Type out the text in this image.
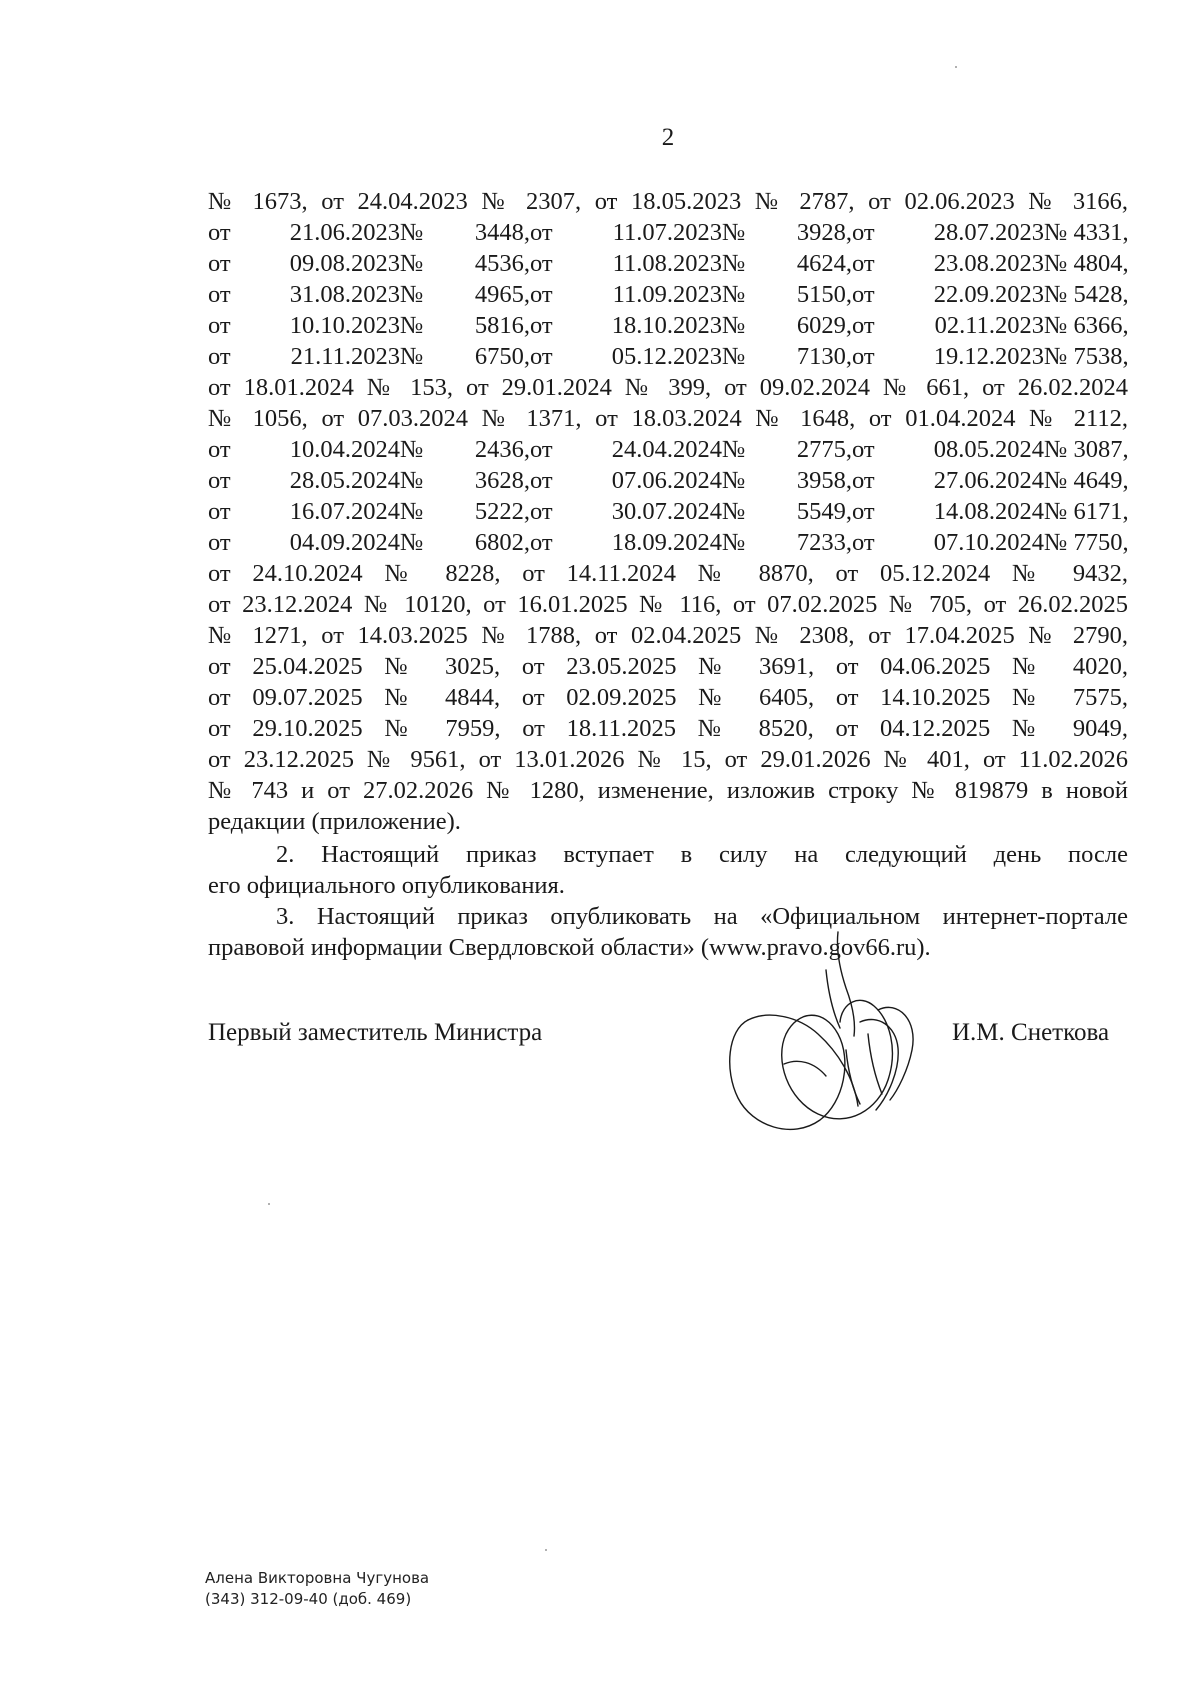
2
№ 1673, от 24.04.2023 № 2307, от 18.05.2023 № 2787, от 02.06.2023 № 3166,
от 21.06.2023 № 3448, от 11.07.2023 № 3928, от 28.07.2023 № 4331,
от 09.08.2023 № 4536, от 11.08.2023 № 4624, от 23.08.2023 № 4804,
от 31.08.2023 № 4965, от 11.09.2023 № 5150, от 22.09.2023 № 5428,
от 10.10.2023 № 5816, от 18.10.2023 № 6029, от 02.11.2023 № 6366,
от 21.11.2023 № 6750, от 05.12.2023 № 7130, от 19.12.2023 № 7538,
от 18.01.2024 № 153, от 29.01.2024 № 399, от 09.02.2024 № 661, от 26.02.2024
№ 1056, от 07.03.2024 № 1371, от 18.03.2024 № 1648, от 01.04.2024 № 2112,
от 10.04.2024 № 2436, от 24.04.2024 № 2775, от 08.05.2024 № 3087,
от 28.05.2024 № 3628, от 07.06.2024 № 3958, от 27.06.2024 № 4649,
от 16.07.2024 № 5222, от 30.07.2024 № 5549, от 14.08.2024 № 6171,
от 04.09.2024 № 6802, от 18.09.2024 № 7233, от 07.10.2024 № 7750,
от 24.10.2024 № 8228, от 14.11.2024 № 8870, от 05.12.2024 № 9432,
от 23.12.2024 № 10120, от 16.01.2025 № 116, от 07.02.2025 № 705, от 26.02.2025
№ 1271, от 14.03.2025 № 1788, от 02.04.2025 № 2308, от 17.04.2025 № 2790,
от 25.04.2025 № 3025, от 23.05.2025 № 3691, от 04.06.2025 № 4020,
от 09.07.2025 № 4844, от 02.09.2025 № 6405, от 14.10.2025 № 7575,
от 29.10.2025 № 7959, от 18.11.2025 № 8520, от 04.12.2025 № 9049,
от 23.12.2025 № 9561, от 13.01.2026 № 15, от 29.01.2026 № 401, от 11.02.2026
№ 743 и от 27.02.2026 № 1280, изменение, изложив строку № 819879 в новой
редакции (приложение).
2. Настоящий приказ вступает в силу на следующий день после
его официального опубликования.
3. Настоящий приказ опубликовать на «Официальном интернет-портале
правовой информации Свердловской области» (www.pravo.gov66.ru).
Первый заместитель Министра	И.М. Снеткова
Алена Викторовна Чугунова
(343) 312-09-40 (доб. 469)
